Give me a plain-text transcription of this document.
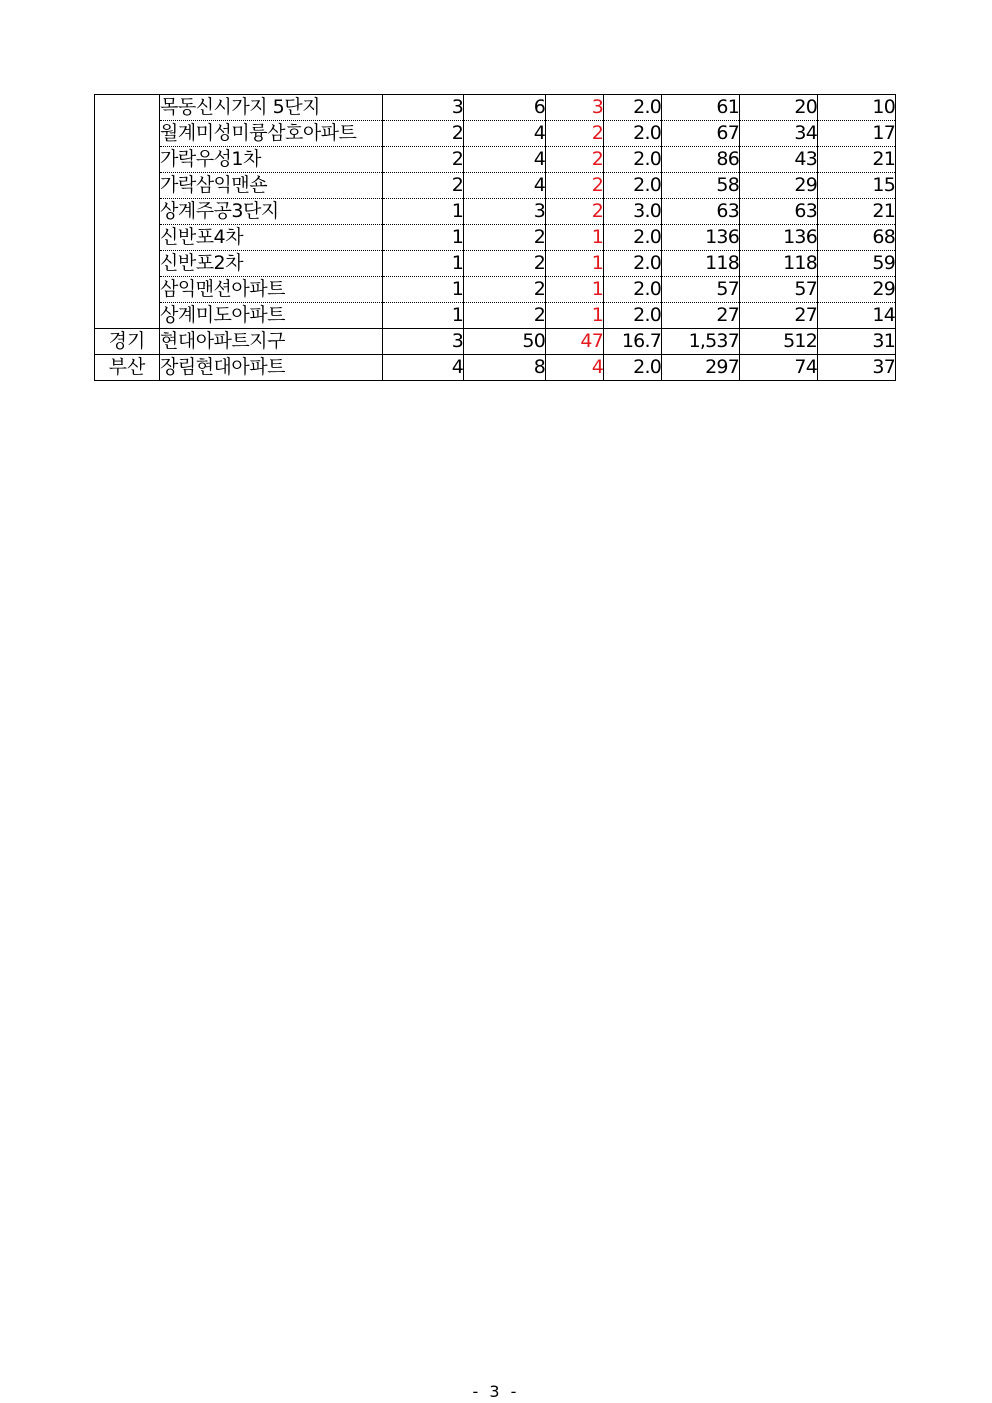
	목동신시가지 5단지	3	6	3	2.0	61	20	10
	월계미성미륭삼호아파트	2	4	2	2.0	67	34	17
	가락우성1차	2	4	2	2.0	86	43	21
	가락삼익맨숀	2	4	2	2.0	58	29	15
	상계주공3단지	1	3	2	3.0	63	63	21
	신반포4차	1	2	1	2.0	136	136	68
	신반포2차	1	2	1	2.0	118	118	59
	삼익맨션아파트	1	2	1	2.0	57	57	29
	상계미도아파트	1	2	1	2.0	27	27	14
경기	현대아파트지구	3	50	47	16.7	1,537	512	31
부산	장림현대아파트	4	8	4	2.0	297	74	37
- 3 -
